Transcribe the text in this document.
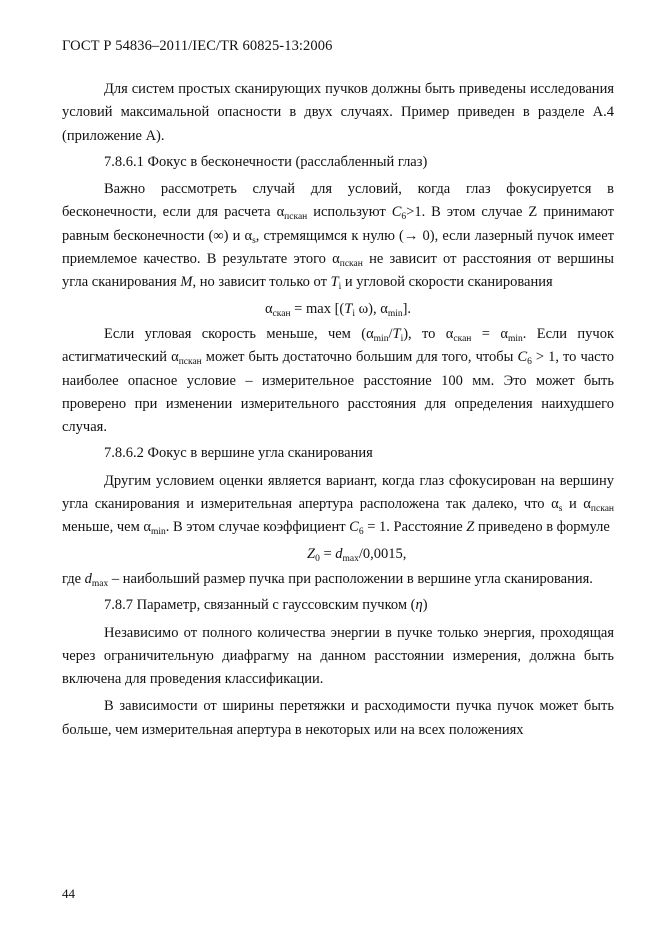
ГОСТ Р 54836–2011/IEC/TR 60825-13:2006

Для систем простых сканирующих пучков должны быть приведены исследования условий максимальной опасности в двух случаях. Пример приведен в разделе А.4 (приложение А).

7.8.6.1 Фокус в бесконечности (расслабленный глаз)

Важно рассмотреть случай для условий, когда глаз фокусируется в бесконечности, если для расчета $\alpha_{пскан}$ используют $C_6>1$. В этом случае Z принимают равным бесконечности (∞) и $\alpha_s$, стремящимся к нулю (→ 0), если лазерный пучок имеет приемлемое качество. В результате этого $\alpha_{пскан}$ не зависит от расстояния от вершины угла сканирования M, но зависит только от $T_i$ и угловой скорости сканирования

$\alpha_{скан} = \max [(T_i$ ω), $\alpha_{min}$].

Если угловая скорость меньше, чем $(\alpha_{min}/T_i)$, то $\alpha_{скан} = \alpha_{min}$. Если пучок астигматический $\alpha_{пскан}$ может быть достаточно большим для того, чтобы $C_6 > 1$, то часто наиболее опасное условие – измерительное расстояние 100 мм. Это может быть проверено при изменении измерительного расстояния для определения наихудшего случая.

7.8.6.2 Фокус в вершине угла сканирования

Другим условием оценки является вариант, когда глаз сфокусирован на вершину угла сканирования и измерительная апертура расположена так далеко, что $\alpha_s$ и $\alpha_{пскан}$ меньше, чем $\alpha_{min}$. В этом случае коэффициент $C_6 = 1$. Расстояние Z приведено в формуле

$Z_0 = d_{max}/0,0015$,

где $d_{max}$ – наибольший размер пучка при расположении в вершине угла сканирования.

7.8.7 Параметр, связанный с гауссовским пучком (η)

Независимо от полного количества энергии в пучке только энергия, проходящая через ограничительную диафрагму на данном расстоянии измерения, должна быть включена для проведения классификации.

В зависимости от ширины перетяжки и расходимости пучка пучок может быть больше, чем измерительная апертура в некоторых или на всех положениях

44
